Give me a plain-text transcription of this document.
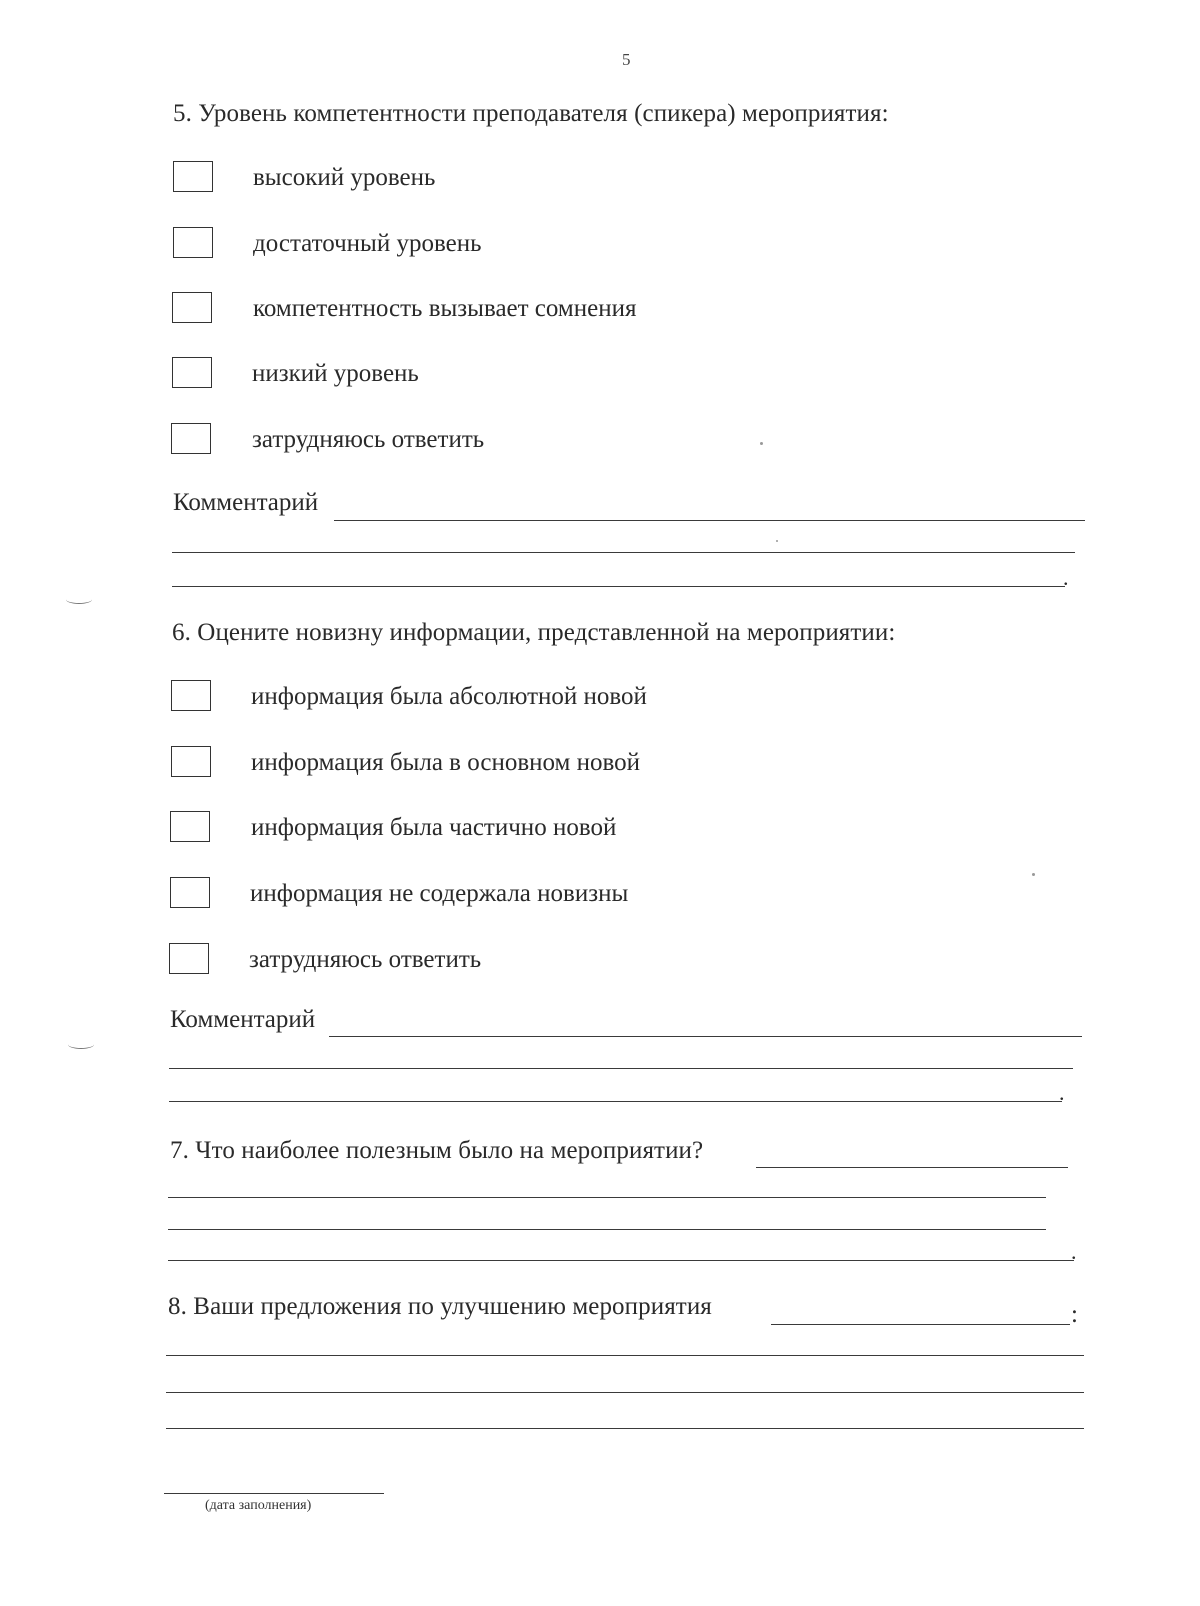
5
5. Уровень компетентности преподавателя (спикера) мероприятия:
высокий уровень
достаточный уровень
компетентность вызывает сомнения
низкий уровень
затрудняюсь ответить
Комментарий
.
6. Оцените новизну информации, представленной на мероприятии:
информация была абсолютной новой
информация была в основном новой
информация была частично новой
информация не содержала новизны
затрудняюсь ответить
Комментарий
.
7. Что наиболее полезным было на мероприятии?
.
8. Ваши предложения по улучшению мероприятия	:
(дата заполнения)
